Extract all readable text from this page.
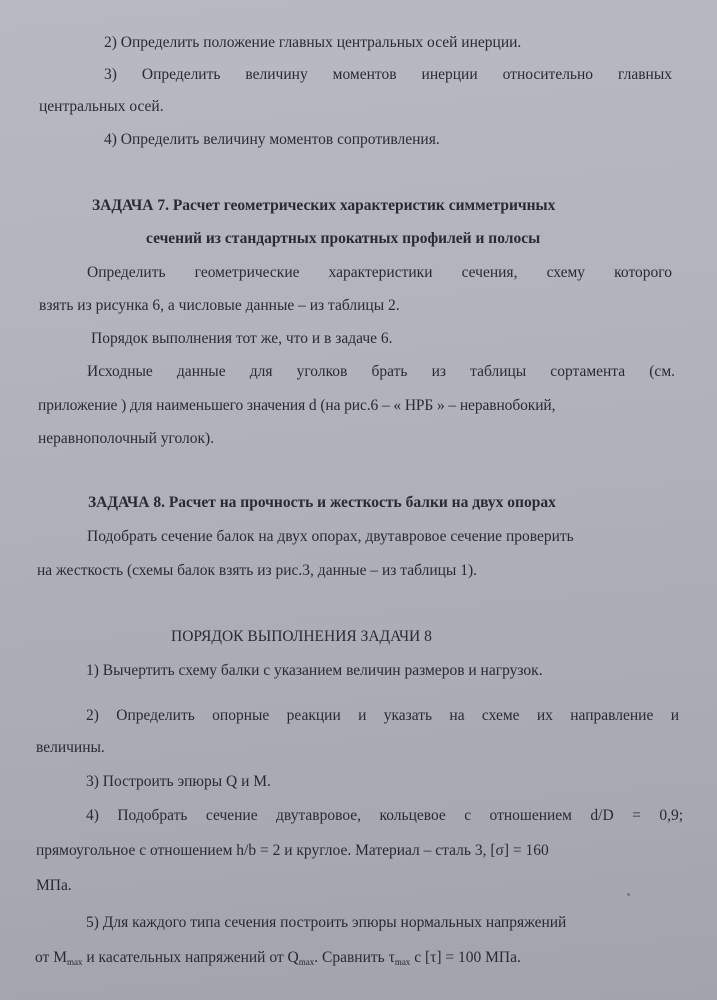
2) Определить положение главных центральных осей инерции.
3) Определить величину моментов инерции относительно главных
центральных осей.
4) Определить величину моментов сопротивления.
ЗАДАЧА 7. Расчет геометрических характеристик симметричных
сечений из стандартных прокатных профилей и полосы
Определить геометрические характеристики сечения, схему которого
взять из рисунка 6, а числовые данные – из таблицы 2.
Порядок выполнения тот же, что и в задаче 6.
Исходные данные для уголков брать из таблицы сортамента (см.
приложение ) для наименьшего значения d (на рис.6 – « НРБ » – неравнобокий,
неравнополочный уголок).
ЗАДАЧА 8. Расчет на прочность и жесткость балки на двух опорах
Подобрать сечение балок на двух опорах, двутавровое сечение проверить
на жесткость (схемы балок взять из рис.3, данные – из таблицы 1).
ПОРЯДОК ВЫПОЛНЕНИЯ ЗАДАЧИ 8
1) Вычертить схему балки с указанием величин размеров и нагрузок.
2) Определить опорные реакции и указать на схеме их направление и
величины.
3) Построить эпюры Q и M.
4) Подобрать сечение двутавровое, кольцевое с отношением d/D = 0,9;
прямоугольное с отношением h/b = 2 и круглое. Материал – сталь 3, [σ] = 160
МПа.
5) Для каждого типа сечения построить эпюры нормальных напряжений
от $M_{max}$ и касательных напряжений от $Q_{max}$. Сравнить $\tau_{max}$ с [τ] = 100 МПа.
